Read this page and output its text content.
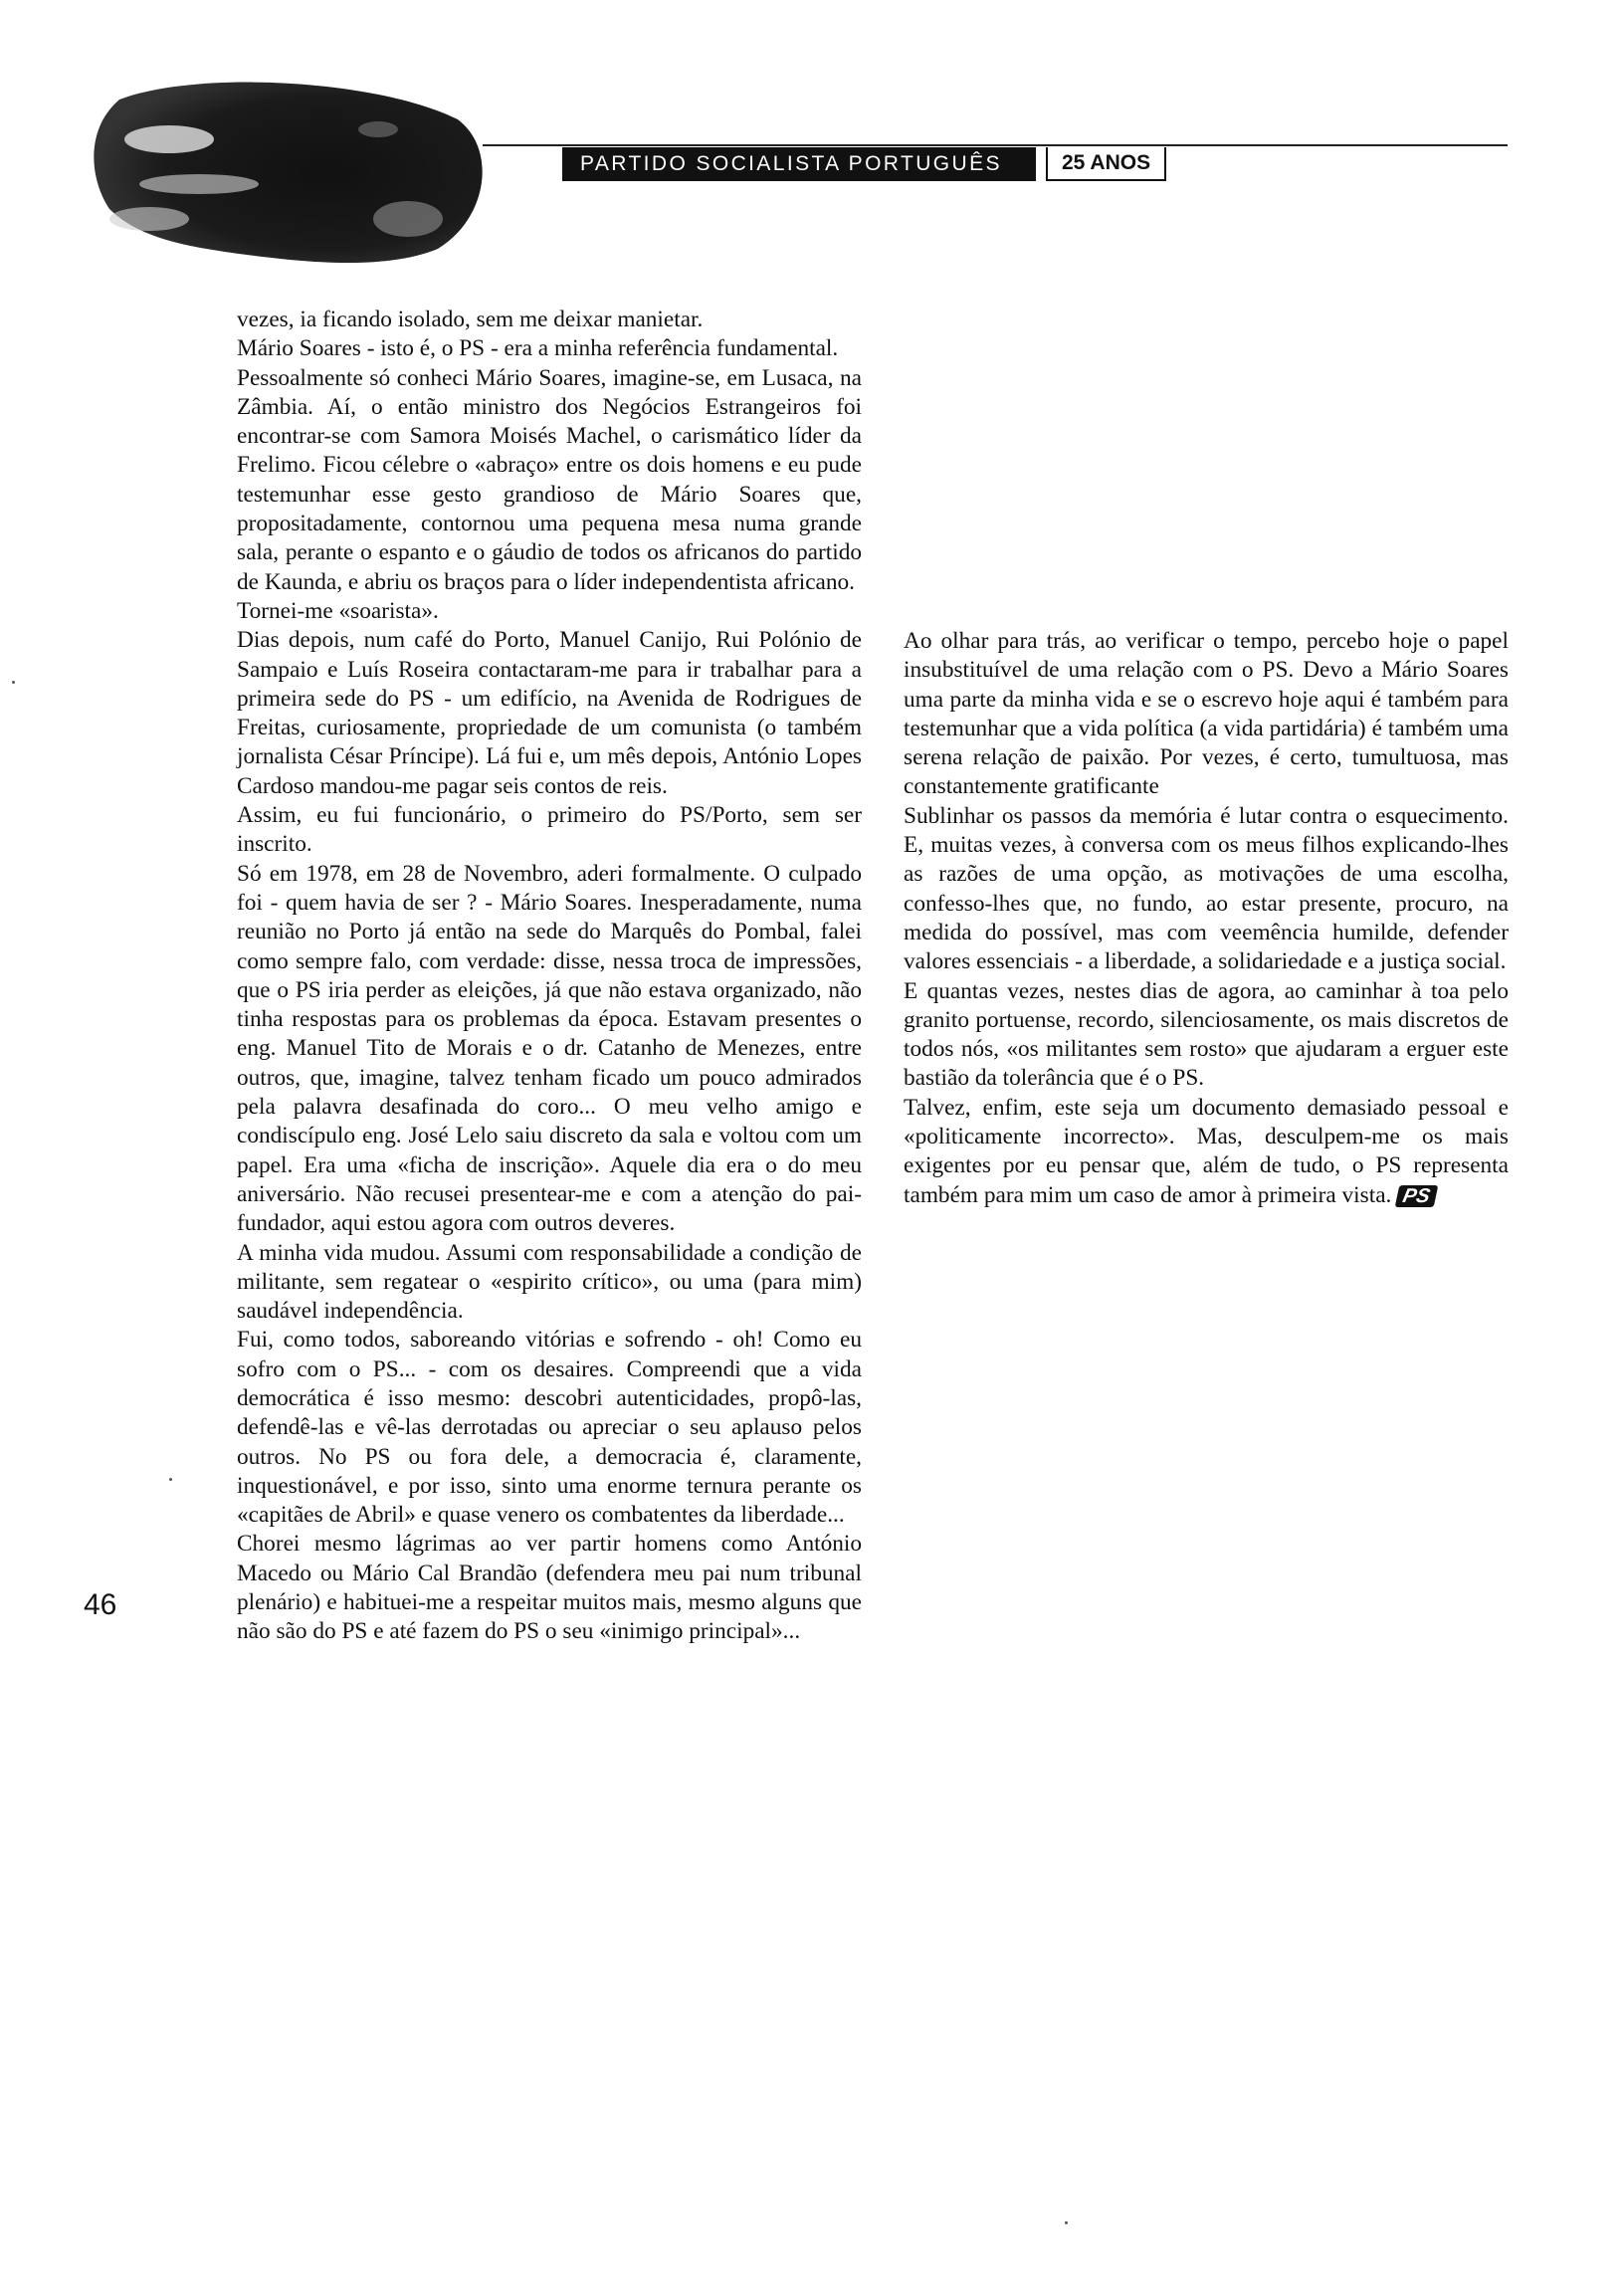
PARTIDO SOCIALISTA PORTUGUÊS	25 ANOS

vezes, ia ficando isolado, sem me deixar manietar.

Mário Soares - isto é, o PS - era a minha referência fundamental.

Pessoalmente só conheci Mário Soares, imagine-se, em Lusaca, na Zâmbia. Aí, o então ministro dos Negócios Estrangeiros foi encontrar-se com Samora Moisés Machel, o carismático líder da Frelimo. Ficou célebre o «abraço» entre os dois homens e eu pude testemunhar esse gesto grandioso de Mário Soares que, propositadamente, contornou uma pequena mesa numa grande sala, perante o espanto e o gáudio de todos os africanos do partido de Kaunda, e abriu os braços para o líder independentista africano.

Tornei-me «soarista».

Dias depois, num café do Porto, Manuel Canijo, Rui Polónio de Sampaio e Luís Roseira contactaram-me para ir trabalhar para a primeira sede do PS - um edifício, na Avenida de Rodrigues de Freitas, curiosamente, propriedade de um comunista (o também jornalista César Príncipe). Lá fui e, um mês depois, António Lopes Cardoso mandou-me pagar seis contos de reis.

Assim, eu fui funcionário, o primeiro do PS/Porto, sem ser inscrito.

Só em 1978, em 28 de Novembro, aderi formalmente. O culpado foi - quem havia de ser ? - Mário Soares. Inesperadamente, numa reunião no Porto já então na sede do Marquês do Pombal, falei como sempre falo, com verdade: disse, nessa troca de impressões, que o PS iria perder as eleições, já que não estava organizado, não tinha respostas para os problemas da época. Estavam presentes o eng. Manuel Tito de Morais e o dr. Catanho de Menezes, entre outros, que, imagine, talvez tenham ficado um pouco admirados pela palavra desafinada do coro... O meu velho amigo e condiscípulo eng. José Lelo saiu discreto da sala e voltou com um papel. Era uma «ficha de inscrição». Aquele dia era o do meu aniversário. Não recusei presentear-me e com a atenção do pai-fundador, aqui estou agora com outros deveres.

A minha vida mudou. Assumi com responsabilidade a condição de militante, sem regatear o «espirito crítico», ou uma (para mim) saudável independência.

Fui, como todos, saboreando vitórias e sofrendo - oh! Como eu sofro com o PS... - com os desaires. Compreendi que a vida democrática é isso mesmo: descobri autenticidades, propô-las, defendê-las e vê-las derrotadas ou apreciar o seu aplauso pelos outros. No PS ou fora dele, a democracia é, claramente, inquestionável, e por isso, sinto uma enorme ternura perante os «capitães de Abril» e quase venero os combatentes da liberdade...

Chorei mesmo lágrimas ao ver partir homens como António Macedo ou Mário Cal Brandão (defendera meu pai num tribunal plenário) e habituei-me a respeitar muitos mais, mesmo alguns que não são do PS e até fazem do PS o seu «inimigo principal»...

Ao olhar para trás, ao verificar o tempo, percebo hoje o papel insubstituível de uma relação com o PS. Devo a Mário Soares uma parte da minha vida e se o escrevo hoje aqui é também para testemunhar que a vida política (a vida partidária) é também uma serena relação de paixão. Por vezes, é certo, tumultuosa, mas constantemente gratificante

Sublinhar os passos da memória é lutar contra o esquecimento. E, muitas vezes, à conversa com os meus filhos explicando-lhes as razões de uma opção, as motivações de uma escolha, confesso-lhes que, no fundo, ao estar presente, procuro, na medida do possível, mas com veemência humilde, defender valores essenciais - a liberdade, a solidariedade e a justiça social.

E quantas vezes, nestes dias de agora, ao caminhar à toa pelo granito portuense, recordo, silenciosamente, os mais discretos de todos nós, «os militantes sem rosto» que ajudaram a erguer este bastião da tolerância que é o PS.

Talvez, enfim, este seja um documento demasiado pessoal e «politicamente incorrecto». Mas, desculpem-me os mais exigentes por eu pensar que, além de tudo, o PS representa também para mim um caso de amor à primeira vista. PS

46
